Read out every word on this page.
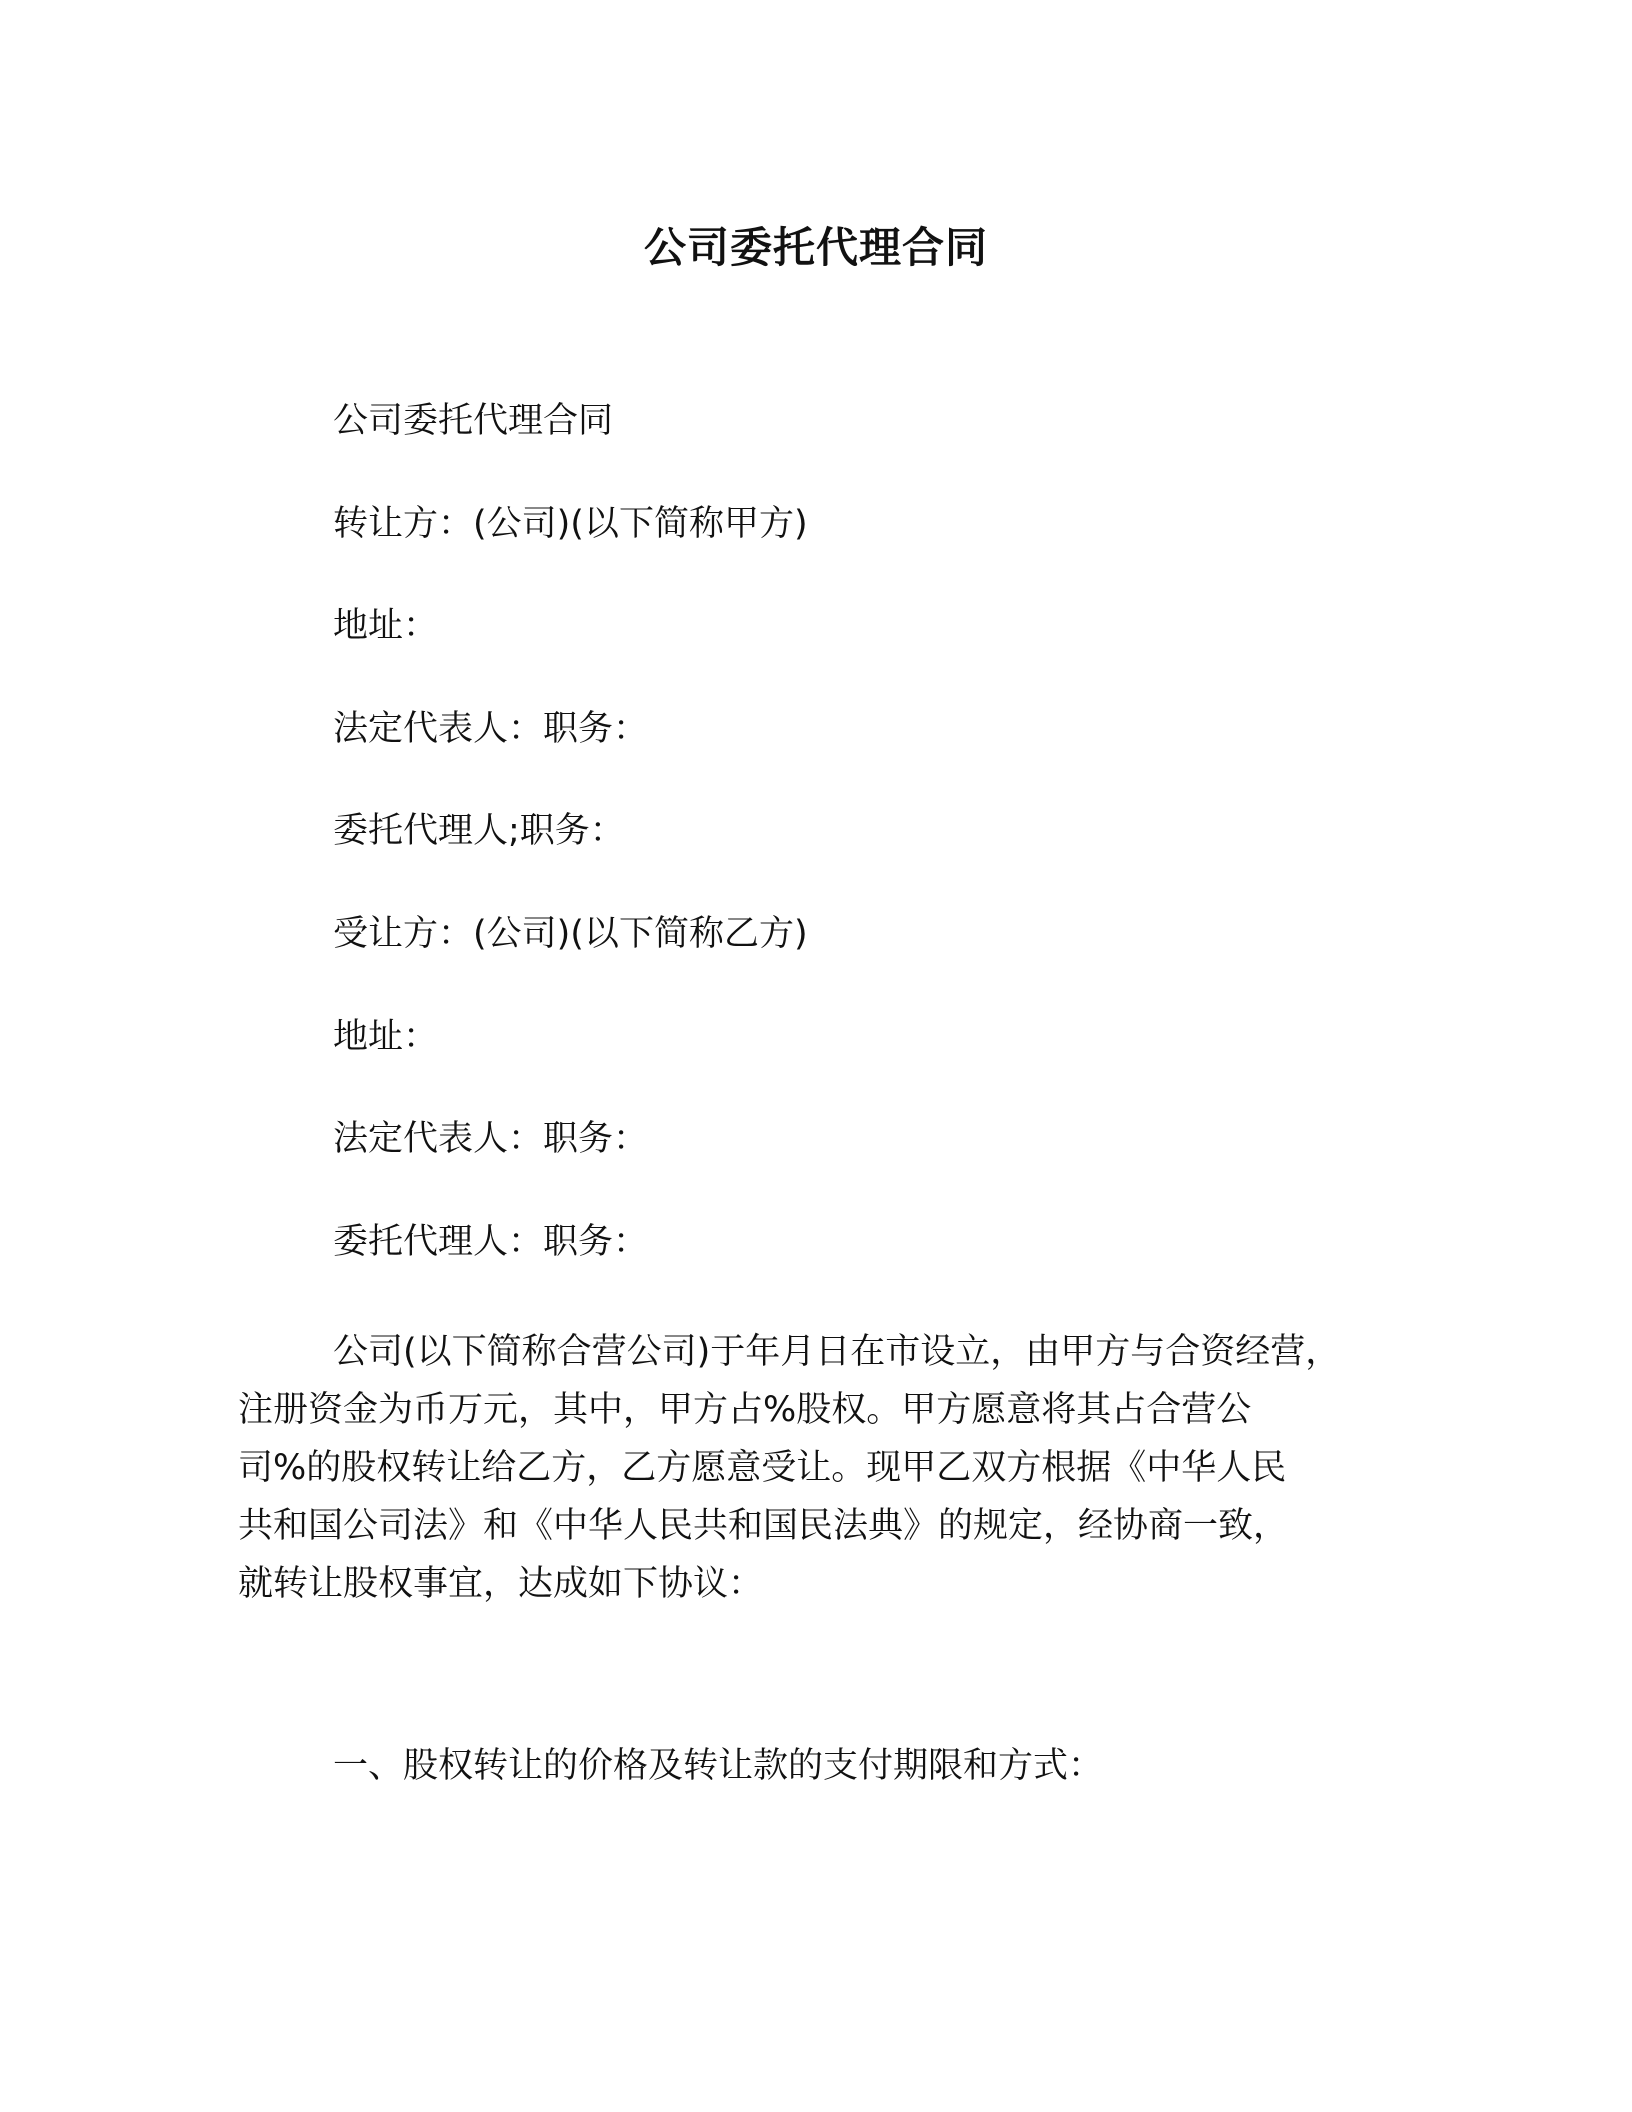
公司委托代理合同
公司委托代理合同
转让方：(公司)(以下简称甲方)
地址：
法定代表人：职务：
委托代理人;职务：
受让方：(公司)(以下简称乙方)
地址：
法定代表人：职务：
委托代理人：职务：
公司(以下简称合营公司)于年月日在市设立，由甲方与合资经营，
注册资金为币万元，其中，甲方占%股权。甲方愿意将其占合营公
司%的股权转让给乙方，乙方愿意受让。现甲乙双方根据《中华人民
共和国公司法》和《中华人民共和国民法典》的规定，经协商一致，
就转让股权事宜，达成如下协议：
一、股权转让的价格及转让款的支付期限和方式：
